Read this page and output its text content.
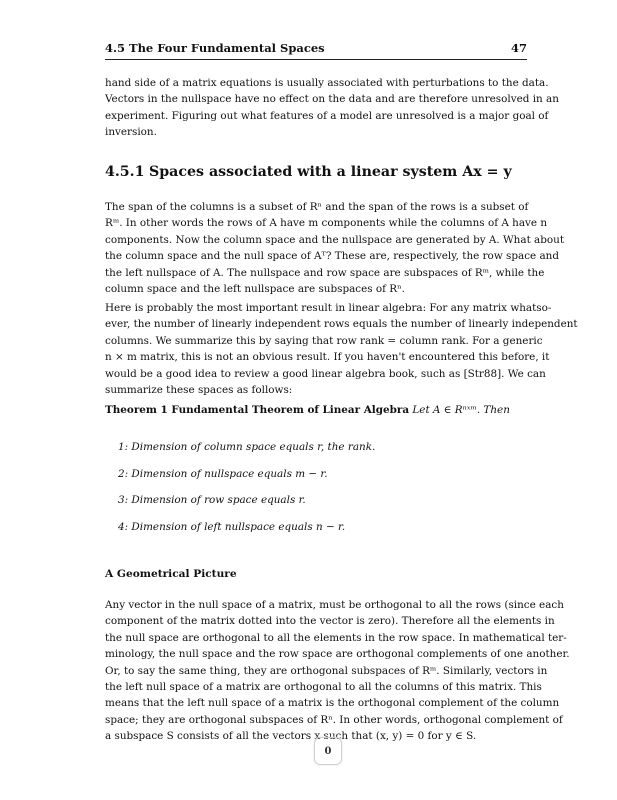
4.5 The Four Fundamental Spaces	47
hand side of a matrix equations is usually associated with perturbations to the data.
Vectors in the nullspace have no effect on the data and are therefore unresolved in an
experiment. Figuring out what features of a model are unresolved is a major goal of
inversion.
4.5.1 Spaces associated with a linear system Ax = y
The span of the columns is a subset of Rⁿ and the span of the rows is a subset of
Rᵐ. In other words the rows of A have m components while the columns of A have n
components. Now the column space and the nullspace are generated by A. What about
the column space and the null space of Aᵀ? These are, respectively, the row space and
the left nullspace of A. The nullspace and row space are subspaces of Rᵐ, while the
column space and the left nullspace are subspaces of Rⁿ.
Here is probably the most important result in linear algebra: For any matrix whatso-
ever, the number of linearly independent rows equals the number of linearly independent
columns. We summarize this by saying that row rank = column rank. For a generic
n × m matrix, this is not an obvious result. If you haven't encountered this before, it
would be a good idea to review a good linear algebra book, such as [Str88]. We can
summarize these spaces as follows:
Theorem 1 Fundamental Theorem of Linear Algebra Let A ∈ Rⁿˣᵐ. Then
1: Dimension of column space equals r, the rank.
2: Dimension of nullspace equals m − r.
3: Dimension of row space equals r.
4: Dimension of left nullspace equals n − r.
A Geometrical Picture
Any vector in the null space of a matrix, must be orthogonal to all the rows (since each
component of the matrix dotted into the vector is zero). Therefore all the elements in
the null space are orthogonal to all the elements in the row space. In mathematical ter-
minology, the null space and the row space are orthogonal complements of one another.
Or, to say the same thing, they are orthogonal subspaces of Rᵐ. Similarly, vectors in
the left null space of a matrix are orthogonal to all the columns of this matrix. This
means that the left null space of a matrix is the orthogonal complement of the column
space; they are orthogonal subspaces of Rⁿ. In other words, orthogonal complement of
a subspace S consists of all the vectors x such that (x, y) = 0 for y ∈ S.
0
